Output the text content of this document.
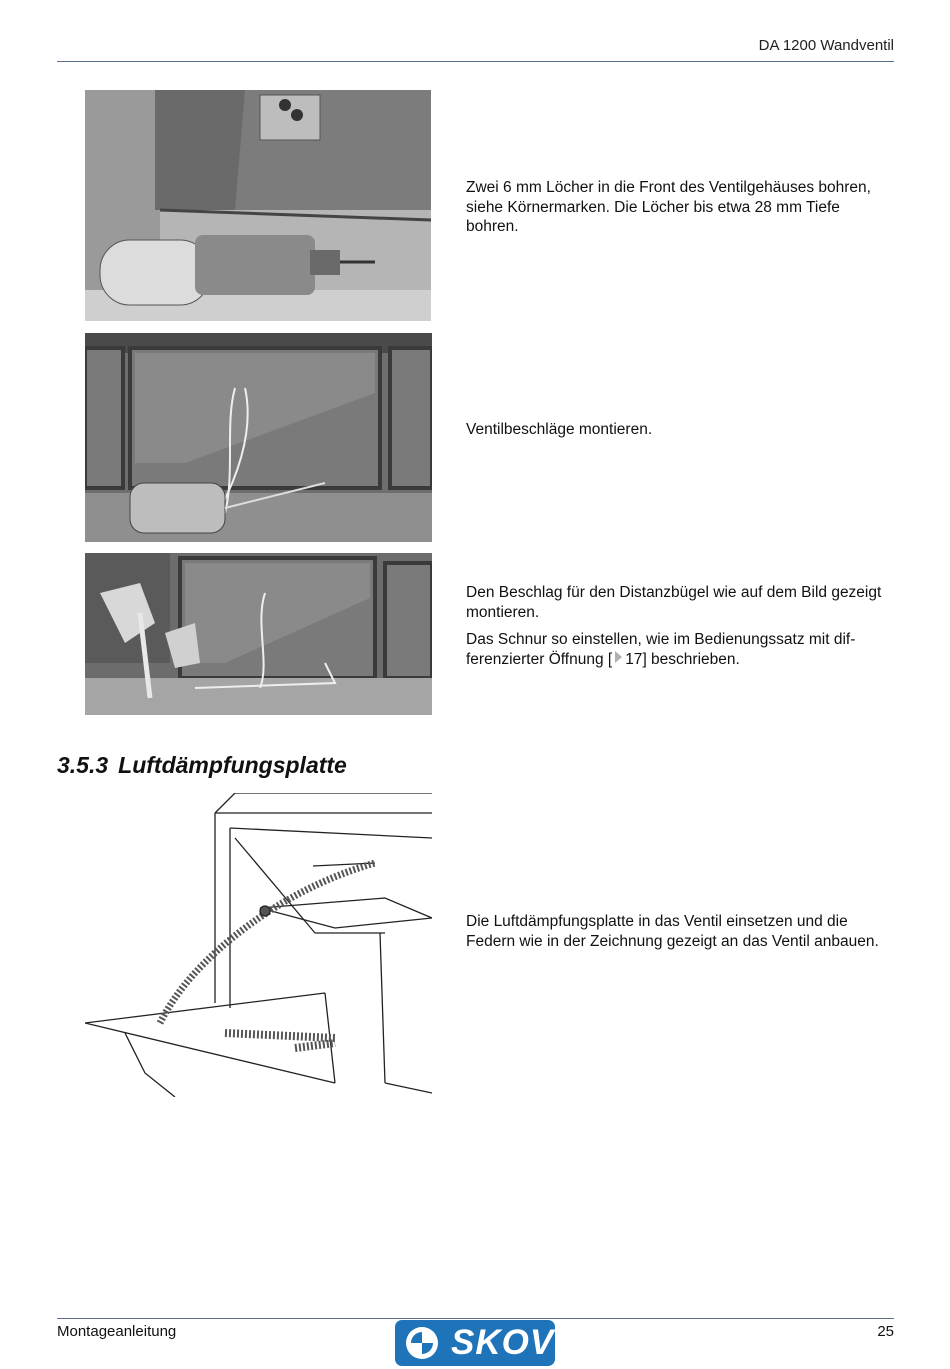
DA 1200 Wandventil

Zwei 6 mm Löcher in die Front des Ventilgehäuses bohren, siehe Körnermarken. Die Löcher bis etwa 28 mm Tiefe bohren.

Ventilbeschläge montieren.

Den Beschlag für den Distanzbügel wie auf dem Bild gezeigt montieren.

Das Schnur so einstellen, wie im Bedienungssatz mit differenzierter Öffnung [ 17] beschrieben.

3.5.3 Luftdämpfungsplatte

Die Luftdämpfungsplatte in das Ventil einsetzen und die Federn wie in der Zeichnung gezeigt an das Ventil anbauen.

Montageanleitung	SKOV	25
